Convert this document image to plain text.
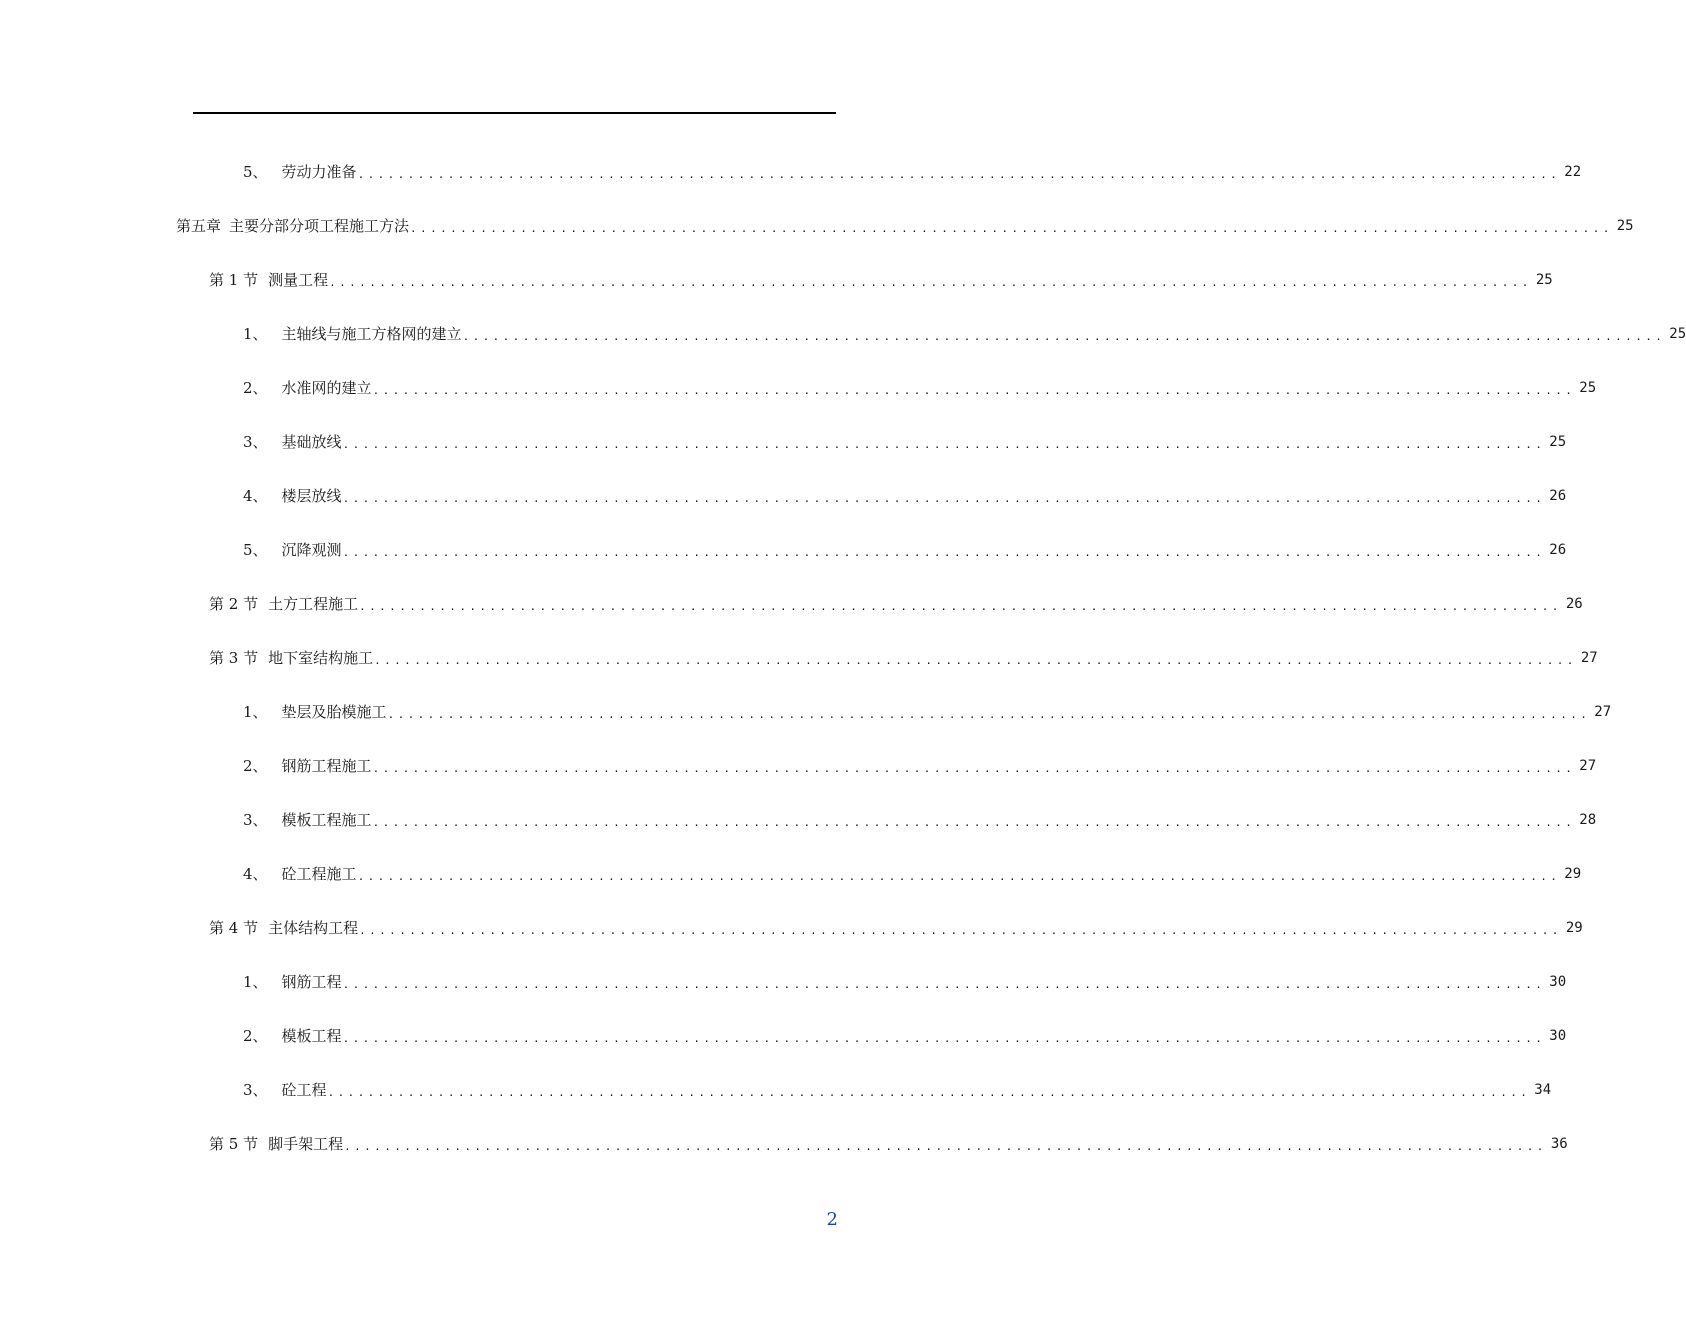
5、 劳动力准备 ........................................................................................................................ 22
第五章 主要分部分项工程施工方法 ........................................................................................................................ 25
第 1 节 测量工程 ........................................................................................................................ 25
1、 主轴线与施工方格网的建立 ........................................................................................................................ 25
2、 水准网的建立 ........................................................................................................................ 25
3、 基础放线 ........................................................................................................................ 25
4、 楼层放线 ........................................................................................................................ 26
5、 沉降观测 ........................................................................................................................ 26
第 2 节 土方工程施工 ........................................................................................................................ 26
第 3 节 地下室结构施工 ........................................................................................................................ 27
1、 垫层及胎模施工 ........................................................................................................................ 27
2、 钢筋工程施工 ........................................................................................................................ 27
3、 模板工程施工 ........................................................................................................................ 28
4、 砼工程施工 ........................................................................................................................ 29
第 4 节 主体结构工程 ........................................................................................................................ 29
1、 钢筋工程 ........................................................................................................................ 30
2、 模板工程 ........................................................................................................................ 30
3、 砼工程 ........................................................................................................................ 34
第 5 节 脚手架工程 ........................................................................................................................ 36
2
